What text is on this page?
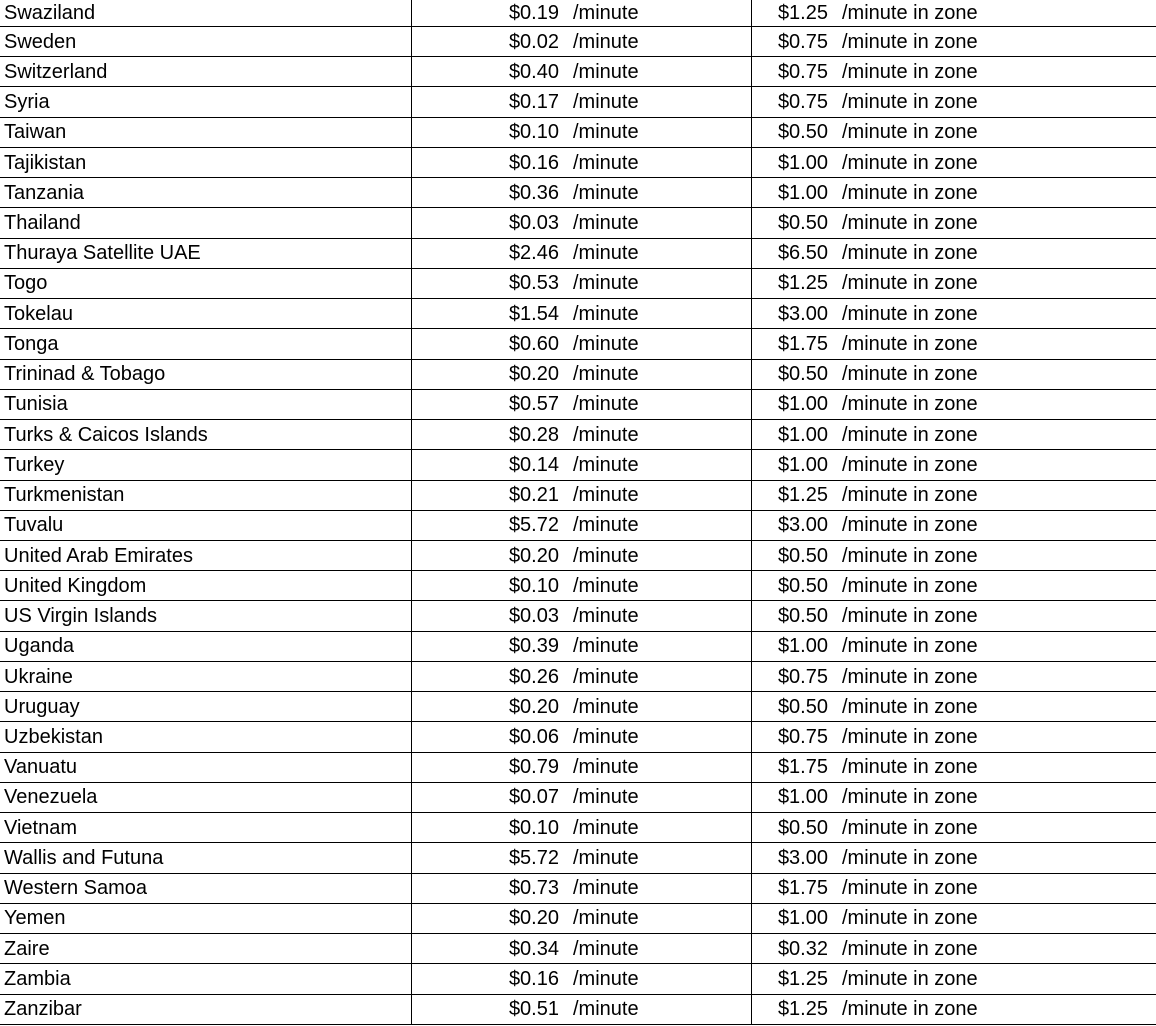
Swaziland	$0.19 /minute	$1.25 /minute in zone
Sweden	$0.02 /minute	$0.75 /minute in zone
Switzerland	$0.40 /minute	$0.75 /minute in zone
Syria	$0.17 /minute	$0.75 /minute in zone
Taiwan	$0.10 /minute	$0.50 /minute in zone
Tajikistan	$0.16 /minute	$1.00 /minute in zone
Tanzania	$0.36 /minute	$1.00 /minute in zone
Thailand	$0.03 /minute	$0.50 /minute in zone
Thuraya Satellite UAE	$2.46 /minute	$6.50 /minute in zone
Togo	$0.53 /minute	$1.25 /minute in zone
Tokelau	$1.54 /minute	$3.00 /minute in zone
Tonga	$0.60 /minute	$1.75 /minute in zone
Trininad & Tobago	$0.20 /minute	$0.50 /minute in zone
Tunisia	$0.57 /minute	$1.00 /minute in zone
Turks & Caicos Islands	$0.28 /minute	$1.00 /minute in zone
Turkey	$0.14 /minute	$1.00 /minute in zone
Turkmenistan	$0.21 /minute	$1.25 /minute in zone
Tuvalu	$5.72 /minute	$3.00 /minute in zone
United Arab Emirates	$0.20 /minute	$0.50 /minute in zone
United Kingdom	$0.10 /minute	$0.50 /minute in zone
US Virgin Islands	$0.03 /minute	$0.50 /minute in zone
Uganda	$0.39 /minute	$1.00 /minute in zone
Ukraine	$0.26 /minute	$0.75 /minute in zone
Uruguay	$0.20 /minute	$0.50 /minute in zone
Uzbekistan	$0.06 /minute	$0.75 /minute in zone
Vanuatu	$0.79 /minute	$1.75 /minute in zone
Venezuela	$0.07 /minute	$1.00 /minute in zone
Vietnam	$0.10 /minute	$0.50 /minute in zone
Wallis and Futuna	$5.72 /minute	$3.00 /minute in zone
Western Samoa	$0.73 /minute	$1.75 /minute in zone
Yemen	$0.20 /minute	$1.00 /minute in zone
Zaire	$0.34 /minute	$0.32 /minute in zone
Zambia	$0.16 /minute	$1.25 /minute in zone
Zanzibar	$0.51 /minute	$1.25 /minute in zone
